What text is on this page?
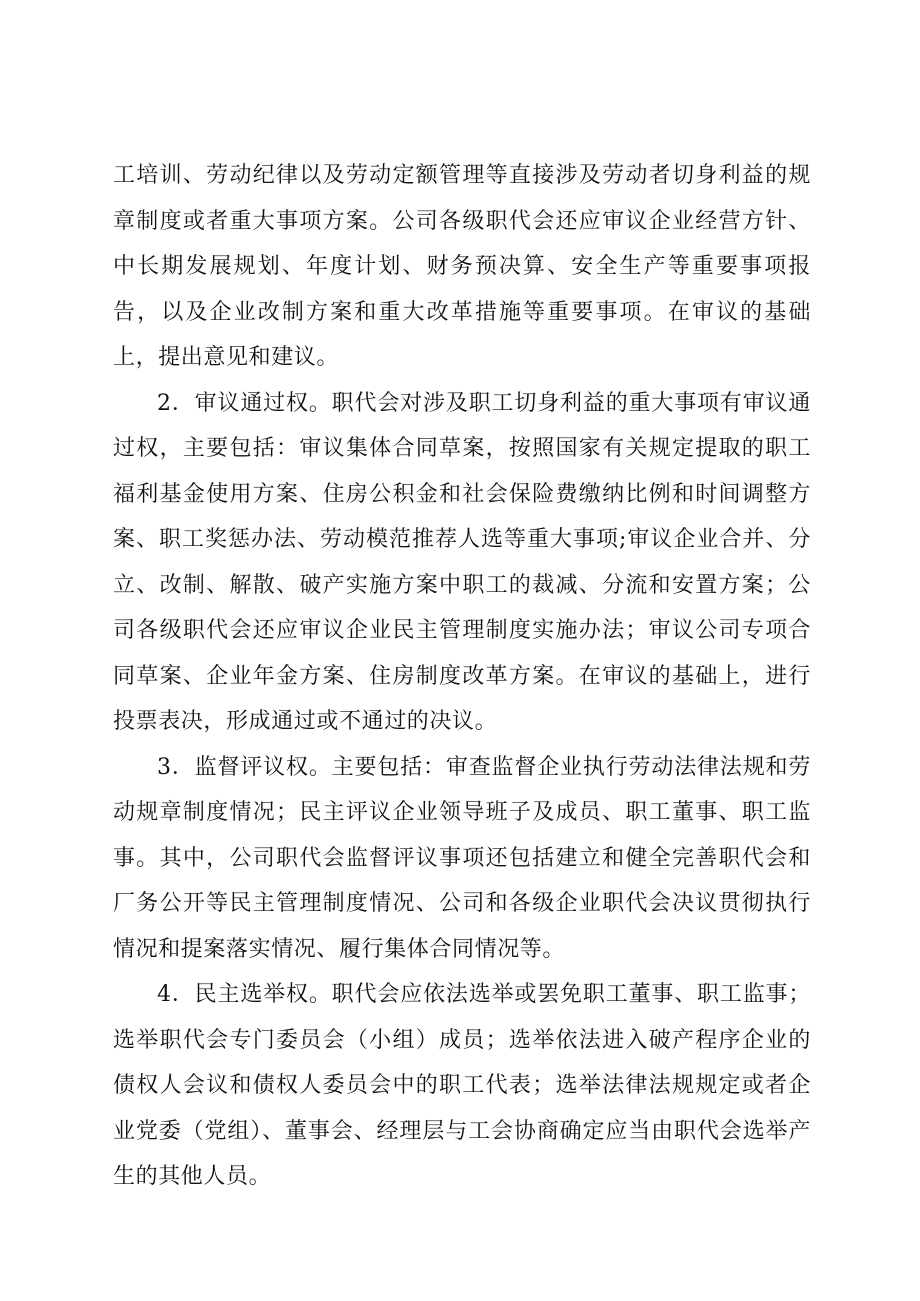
工培训、劳动纪律以及劳动定额管理等直接涉及劳动者切身利益的规章制度或者重大事项方案。公司各级职代会还应审议企业经营方针、中长期发展规划、年度计划、财务预决算、安全生产等重要事项报告，以及企业改制方案和重大改革措施等重要事项。在审议的基础上，提出意见和建议。

2．审议通过权。职代会对涉及职工切身利益的重大事项有审议通过权，主要包括：审议集体合同草案，按照国家有关规定提取的职工福利基金使用方案、住房公积金和社会保险费缴纳比例和时间调整方案、职工奖惩办法、劳动模范推荐人选等重大事项;审议企业合并、分立、改制、解散、破产实施方案中职工的裁减、分流和安置方案；公司各级职代会还应审议企业民主管理制度实施办法；审议公司专项合同草案、企业年金方案、住房制度改革方案。在审议的基础上，进行投票表决，形成通过或不通过的决议。

3．监督评议权。主要包括：审查监督企业执行劳动法律法规和劳动规章制度情况；民主评议企业领导班子及成员、职工董事、职工监事。其中，公司职代会监督评议事项还包括建立和健全完善职代会和厂务公开等民主管理制度情况、公司和各级企业职代会决议贯彻执行情况和提案落实情况、履行集体合同情况等。

4．民主选举权。职代会应依法选举或罢免职工董事、职工监事；选举职代会专门委员会（小组）成员；选举依法进入破产程序企业的债权人会议和债权人委员会中的职工代表；选举法律法规规定或者企业党委（党组）、董事会、经理层与工会协商确定应当由职代会选举产生的其他人员。
